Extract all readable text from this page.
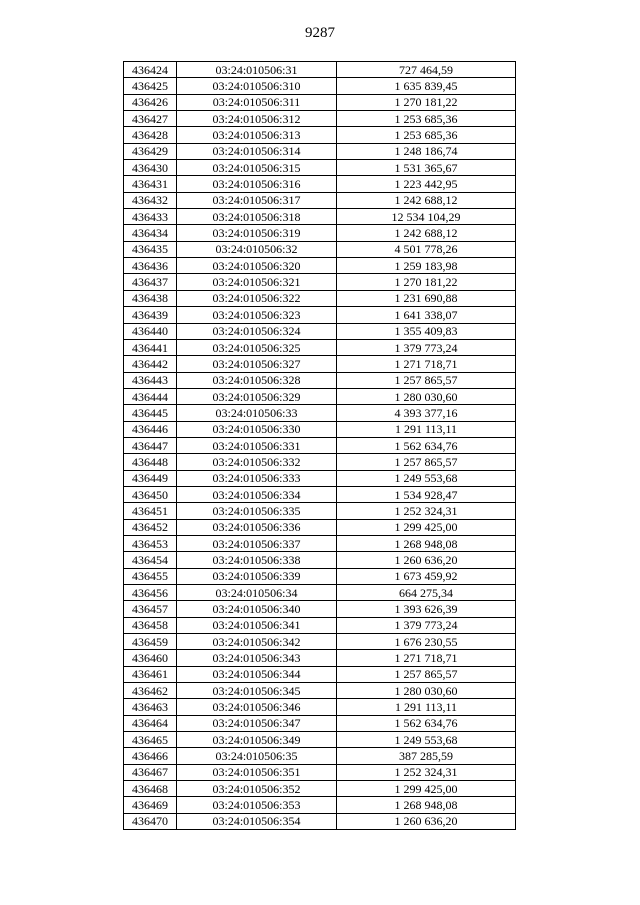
9287
436424	03:24:010506:31	727 464,59
436425	03:24:010506:310	1 635 839,45
436426	03:24:010506:311	1 270 181,22
436427	03:24:010506:312	1 253 685,36
436428	03:24:010506:313	1 253 685,36
436429	03:24:010506:314	1 248 186,74
436430	03:24:010506:315	1 531 365,67
436431	03:24:010506:316	1 223 442,95
436432	03:24:010506:317	1 242 688,12
436433	03:24:010506:318	12 534 104,29
436434	03:24:010506:319	1 242 688,12
436435	03:24:010506:32	4 501 778,26
436436	03:24:010506:320	1 259 183,98
436437	03:24:010506:321	1 270 181,22
436438	03:24:010506:322	1 231 690,88
436439	03:24:010506:323	1 641 338,07
436440	03:24:010506:324	1 355 409,83
436441	03:24:010506:325	1 379 773,24
436442	03:24:010506:327	1 271 718,71
436443	03:24:010506:328	1 257 865,57
436444	03:24:010506:329	1 280 030,60
436445	03:24:010506:33	4 393 377,16
436446	03:24:010506:330	1 291 113,11
436447	03:24:010506:331	1 562 634,76
436448	03:24:010506:332	1 257 865,57
436449	03:24:010506:333	1 249 553,68
436450	03:24:010506:334	1 534 928,47
436451	03:24:010506:335	1 252 324,31
436452	03:24:010506:336	1 299 425,00
436453	03:24:010506:337	1 268 948,08
436454	03:24:010506:338	1 260 636,20
436455	03:24:010506:339	1 673 459,92
436456	03:24:010506:34	664 275,34
436457	03:24:010506:340	1 393 626,39
436458	03:24:010506:341	1 379 773,24
436459	03:24:010506:342	1 676 230,55
436460	03:24:010506:343	1 271 718,71
436461	03:24:010506:344	1 257 865,57
436462	03:24:010506:345	1 280 030,60
436463	03:24:010506:346	1 291 113,11
436464	03:24:010506:347	1 562 634,76
436465	03:24:010506:349	1 249 553,68
436466	03:24:010506:35	387 285,59
436467	03:24:010506:351	1 252 324,31
436468	03:24:010506:352	1 299 425,00
436469	03:24:010506:353	1 268 948,08
436470	03:24:010506:354	1 260 636,20
